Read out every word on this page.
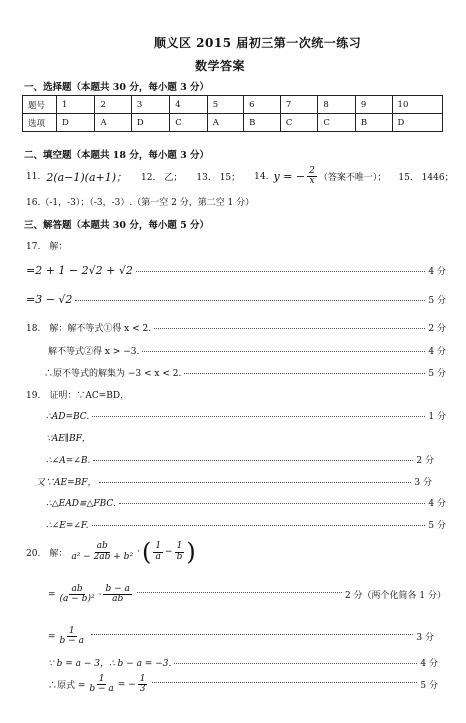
顺义区 2015 届初三第一次统一练习
数学答案
一、选择题（本题共 30 分，每小题 3 分）
题号	1	2	3	4	5	6	7	8	9	10
选项	D	A	D	C	A	B	C	C	B	D
二、填空题（本题共 18 分，每小题 3 分）
11. 2(a−1)(a+1)； 12.　乙； 13.　15； 14. y = − $\frac{2}{x}$ （答案不唯一）； 15.　1446；
16.（-1，-3）；（-3，-3）.（第一空 2 分，第二空 1 分）
三、解答题（本题共 30 分，每小题 5 分）
17.　解：
=2 + 1 − 2√2 + √2	4 分
=3 − √2	5 分
18.　解：解不等式①得 x < 2.	2 分
解不等式②得 x > −3.	4 分
∴原不等式的解集为 −3 < x < 2.	5 分
19.　证明：∵AC=BD，
∴AD=BC.	1 分
∵AE∥BF，
∴∠A=∠B.	2 分
又∵AE=BF，	3 分
∴△EAD≌△FBC.	4 分
∴∠E=∠F.	5 分
20.　解： $\frac{ab}{\text{a² − 2ab + b²}}$ · ( $\frac{1}{a} - \frac{1}{b}$ )
= $\frac{ab}{\text{(a − b)²}} \cdot \frac{b - a}{ab}$	2 分（两个化简各 1 分）
= $\frac{1}{b - a}$	3 分
∵ b = a − 3，∴ b − a = −3.	4 分
∴原式 = $\frac{1}{b - a}$ = − $\frac{1}{3}$	5 分
